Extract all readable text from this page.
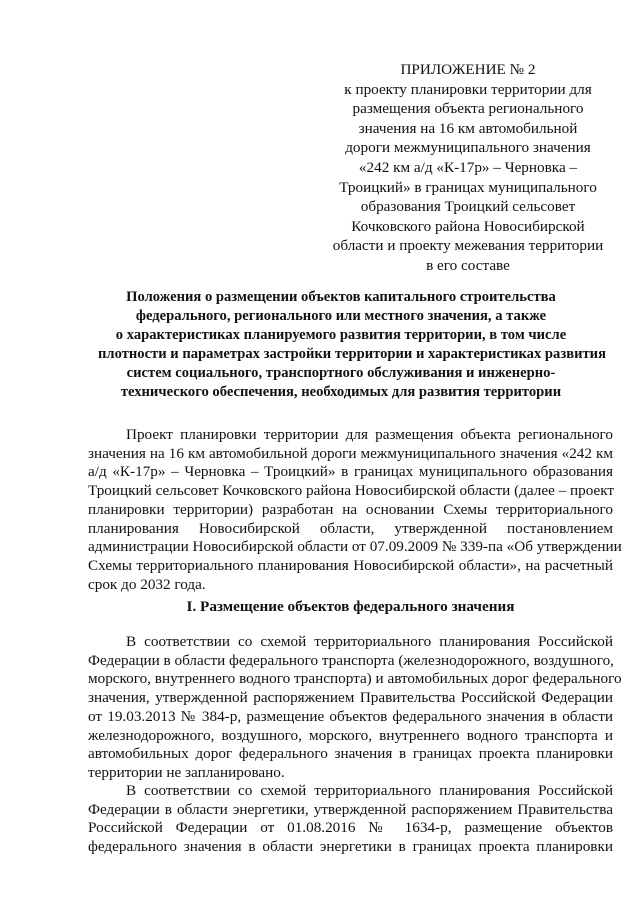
ПРИЛОЖЕНИЕ № 2
к проекту планировки территории для
размещения объекта регионального
значения на 16 км автомобильной
дороги межмуниципального значения
«242 км а/д «К-17р» – Черновка –
Троицкий» в границах муниципального
образования Троицкий сельсовет
Кочковского района Новосибирской
области и проекту межевания территории
в его составе
Положения о размещении объектов капитального строительства
федерального, регионального или местного значения, а также
о характеристиках планируемого развития территории, в том числе
плотности и параметрах застройки территории и характеристиках развития
систем социального, транспортного обслуживания и инженерно-
технического обеспечения, необходимых для развития территории
Проект планировки территории для размещения объекта регионального
значения на 16 км автомобильной дороги межмуниципального значения «242 км
а/д «К-17р» – Черновка – Троицкий» в границах муниципального образования
Троицкий сельсовет Кочковского района Новосибирской области (далее – проект
планировки территории) разработан на основании Схемы территориального
планирования Новосибирской области, утвержденной постановлением
администрации Новосибирской области от 07.09.2009 № 339-па «Об утверждении
Схемы территориального планирования Новосибирской области», на расчетный
срок до 2032 года.
I. Размещение объектов федерального значения
В соответствии со схемой территориального планирования Российской
Федерации в области федерального транспорта (железнодорожного, воздушного,
морского, внутреннего водного транспорта) и автомобильных дорог федерального
значения, утвержденной распоряжением Правительства Российской Федерации
от 19.03.2013 № 384-р, размещение объектов федерального значения в области
железнодорожного, воздушного, морского, внутреннего водного транспорта и
автомобильных дорог федерального значения в границах проекта планировки
территории не запланировано.
В соответствии со схемой территориального планирования Российской
Федерации в области энергетики, утвержденной распоряжением Правительства
Российской Федерации от 01.08.2016 № 1634-р, размещение объектов
федерального значения в области энергетики в границах проекта планировки
